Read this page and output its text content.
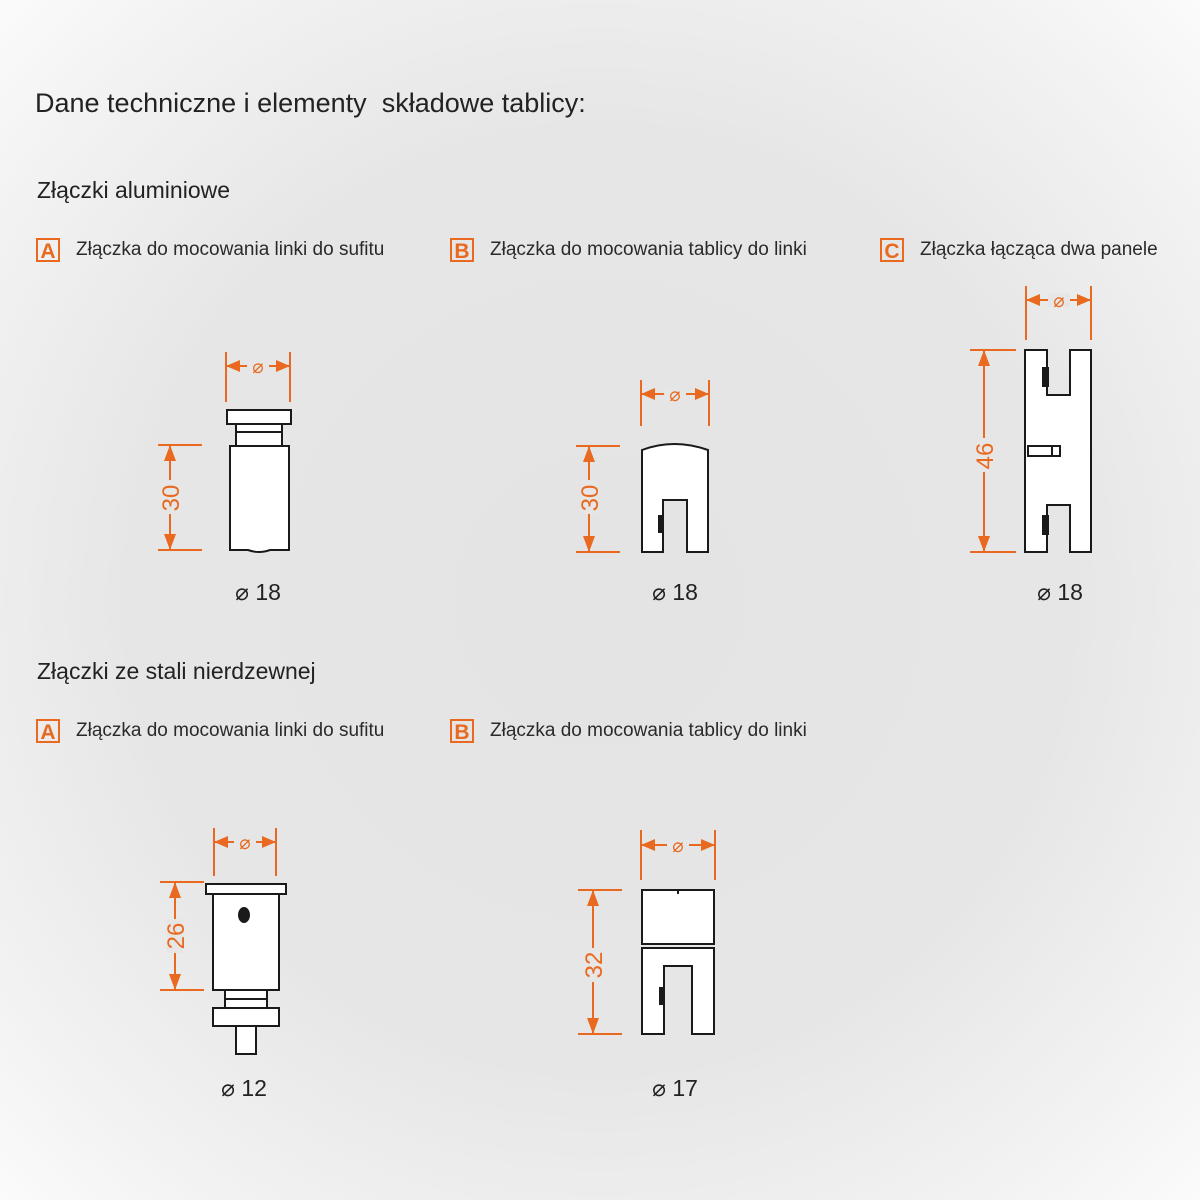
Dane techniczne i elementy  składowe tablicy:
Złączki aluminiowe
A Złączka do mocowania linki do sufitu	B Złączka do mocowania tablicy do linki	C Złączka łącząca dwa panele
⌀
30
⌀ 18
⌀
30
⌀ 18
⌀
46
⌀ 18
Złączki ze stali nierdzewnej
A Złączka do mocowania linki do sufitu	B Złączka do mocowania tablicy do linki
⌀
26
⌀ 12
⌀
32
⌀ 17
